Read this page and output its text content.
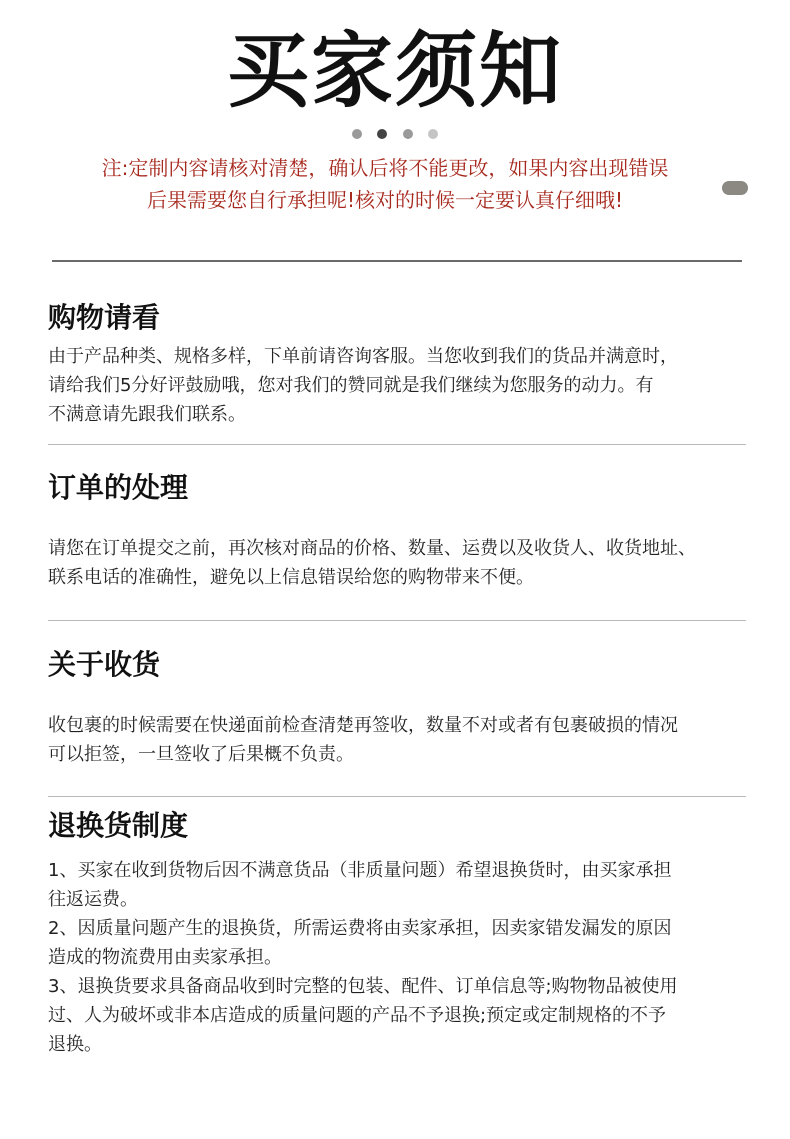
买家须知

注:定制内容请核对清楚，确认后将不能更改，如果内容出现错误
后果需要您自行承担呢!核对的时候一定要认真仔细哦!
购物请看
由于产品种类、规格多样，下单前请咨询客服。当您收到我们的货品并满意时，
请给我们5分好评鼓励哦，您对我们的赞同就是我们继续为您服务的动力。有
不满意请先跟我们联系。
订单的处理
请您在订单提交之前，再次核对商品的价格、数量、运费以及收货人、收货地址、
联系电话的准确性，避免以上信息错误给您的购物带来不便。
关于收货
收包裹的时候需要在快递面前检查清楚再签收，数量不对或者有包裹破损的情况
可以拒签，一旦签收了后果概不负责。
退换货制度
1、买家在收到货物后因不满意货品（非质量问题）希望退换货时，由买家承担
往返运费。
2、因质量问题产生的退换货，所需运费将由卖家承担，因卖家错发漏发的原因
造成的物流费用由卖家承担。
3、退换货要求具备商品收到时完整的包装、配件、订单信息等;购物物品被使用
过、人为破坏或非本店造成的质量问题的产品不予退换;预定或定制规格的不予
退换。
